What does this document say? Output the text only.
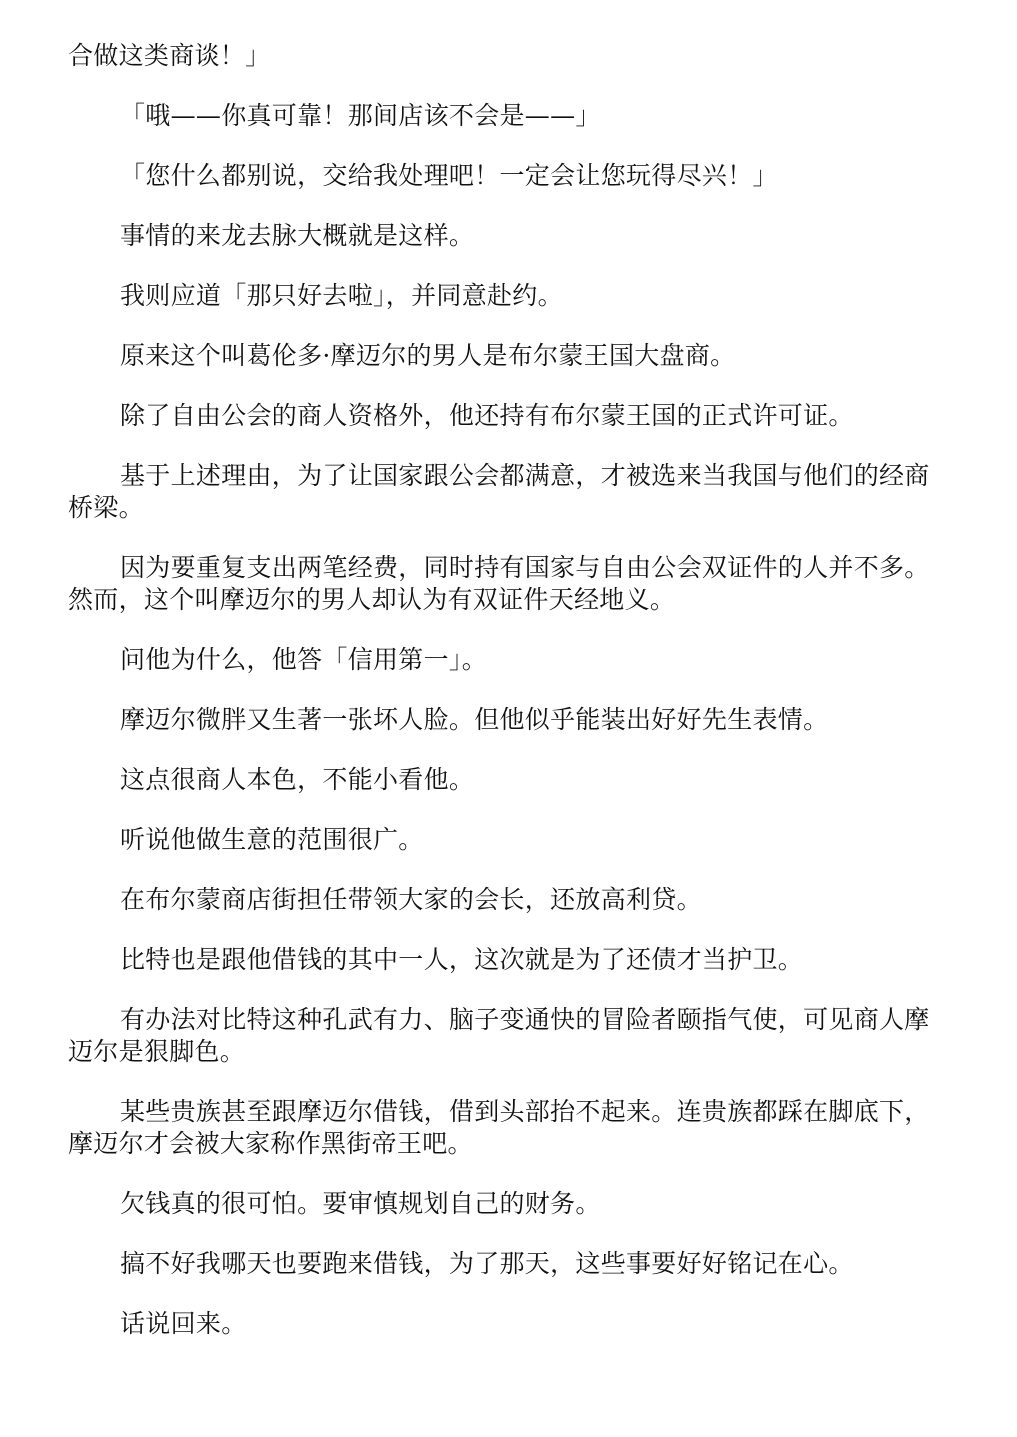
合做这类商谈！」

「哦——你真可靠！那间店该不会是——」

「您什么都别说，交给我处理吧！一定会让您玩得尽兴！」

事情的来龙去脉大概就是这样。

我则应道「那只好去啦」，并同意赴约。

原来这个叫葛伦多·摩迈尔的男人是布尔蒙王国大盘商。

除了自由公会的商人资格外，他还持有布尔蒙王国的正式许可证。

基于上述理由，为了让国家跟公会都满意，才被选来当我国与他们的经商桥梁。

因为要重复支出两笔经费，同时持有国家与自由公会双证件的人并不多。然而，这个叫摩迈尔的男人却认为有双证件天经地义。

问他为什么，他答「信用第一」。

摩迈尔微胖又生著一张坏人脸。但他似乎能装出好好先生表情。

这点很商人本色，不能小看他。

听说他做生意的范围很广。

在布尔蒙商店街担任带领大家的会长，还放高利贷。

比特也是跟他借钱的其中一人，这次就是为了还债才当护卫。

有办法对比特这种孔武有力、脑子变通快的冒险者颐指气使，可见商人摩迈尔是狠脚色。

某些贵族甚至跟摩迈尔借钱，借到头部抬不起来。连贵族都踩在脚底下，摩迈尔才会被大家称作黑街帝王吧。

欠钱真的很可怕。要审慎规划自己的财务。

搞不好我哪天也要跑来借钱，为了那天，这些事要好好铭记在心。

话说回来。
